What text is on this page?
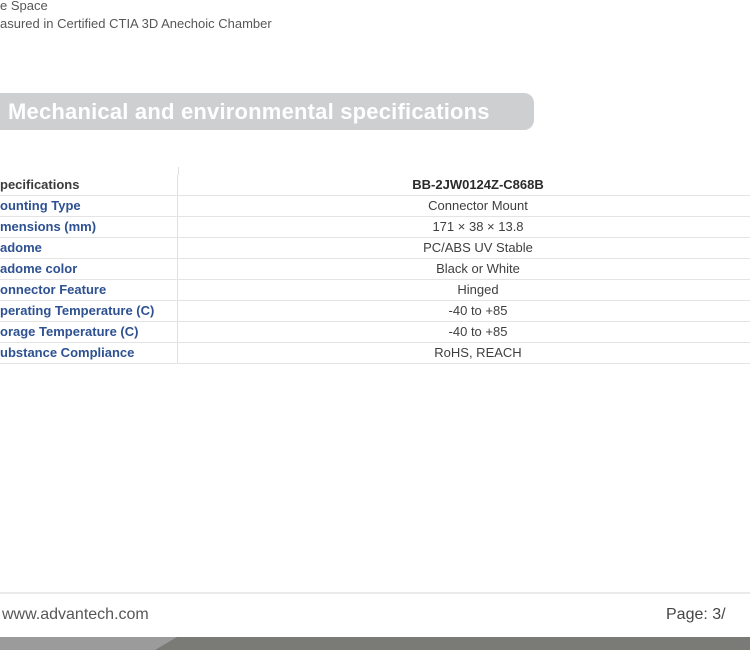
e Space
asured in Certified CTIA 3D Anechoic Chamber
Mechanical and environmental specifications
pecifications	BB-2JW0124Z-C868B
ounting Type	Connector Mount
mensions (mm)	171 × 38 × 13.8
adome	PC/ABS UV Stable
adome color	Black or White
onnector Feature	Hinged
perating Temperature (C)	-40 to +85
orage Temperature (C)	-40 to +85
ubstance Compliance	RoHS, REACH
www.advantech.com	Page: 3/
